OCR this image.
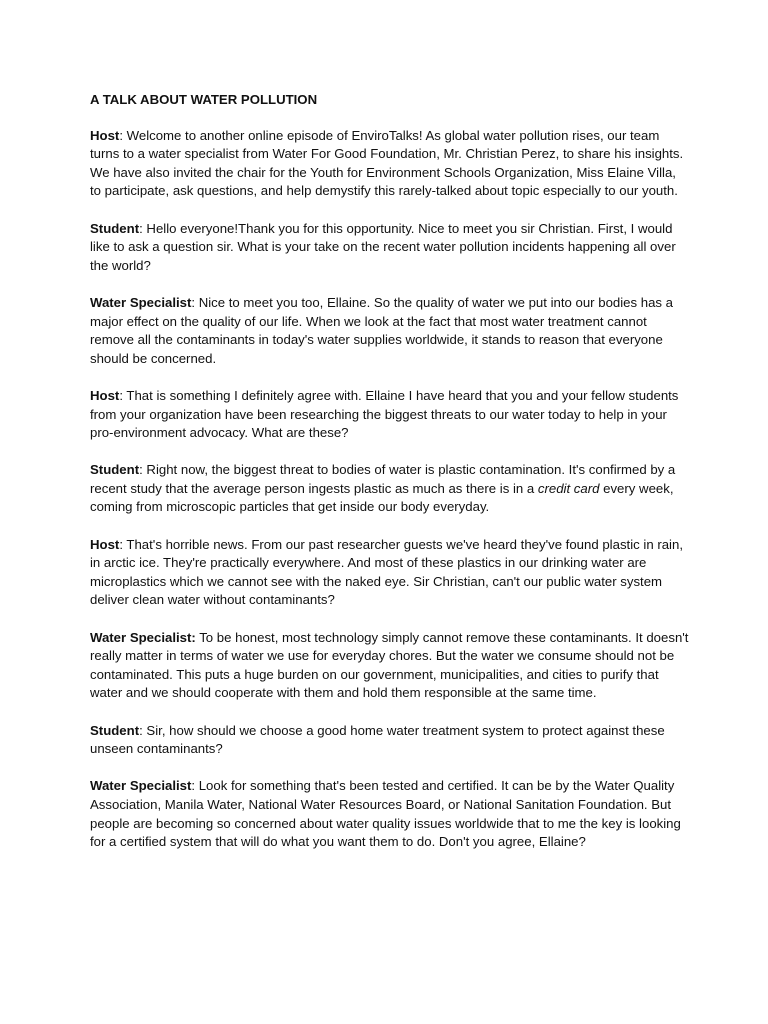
A TALK ABOUT WATER POLLUTION

Host: Welcome to another online episode of EnviroTalks! As global water pollution rises, our team turns to a water specialist from Water For Good Foundation, Mr. Christian Perez, to share his insights. We have also invited the chair for the Youth for Environment Schools Organization, Miss Elaine Villa, to participate, ask questions, and help demystify this rarely-talked about topic especially to our youth.

Student: Hello everyone!Thank you for this opportunity. Nice to meet you sir Christian. First, I would like to ask a question sir. What is your take on the recent water pollution incidents happening all over the world?

Water Specialist: Nice to meet you too, Ellaine. So the quality of water we put into our bodies has a major effect on the quality of our life. When we look at the fact that most water treatment cannot remove all the contaminants in today's water supplies worldwide, it stands to reason that everyone should be concerned.

Host: That is something I definitely agree with. Ellaine I have heard that you and your fellow students from your organization have been researching the biggest threats to our water today to help in your pro-environment advocacy. What are these?

Student: Right now, the biggest threat to bodies of water is plastic contamination. It's confirmed by a recent study that the average person ingests plastic as much as there is in a credit card every week, coming from microscopic particles that get inside our body everyday.

Host: That's horrible news. From our past researcher guests we've heard they've found plastic in rain, in arctic ice. They're practically everywhere. And most of these plastics in our drinking water are microplastics which we cannot see with the naked eye. Sir Christian, can't our public water system deliver clean water without contaminants?

Water Specialist: To be honest, most technology simply cannot remove these contaminants. It doesn't really matter in terms of water we use for everyday chores. But the water we consume should not be contaminated. This puts a huge burden on our government, municipalities, and cities to purify that water and we should cooperate with them and hold them responsible at the same time.

Student: Sir, how should we choose a good home water treatment system to protect against these unseen contaminants?

Water Specialist: Look for something that's been tested and certified. It can be by the Water Quality Association, Manila Water, National Water Resources Board, or National Sanitation Foundation. But people are becoming so concerned about water quality issues worldwide that to me the key is looking for a certified system that will do what you want them to do. Don't you agree, Ellaine?
